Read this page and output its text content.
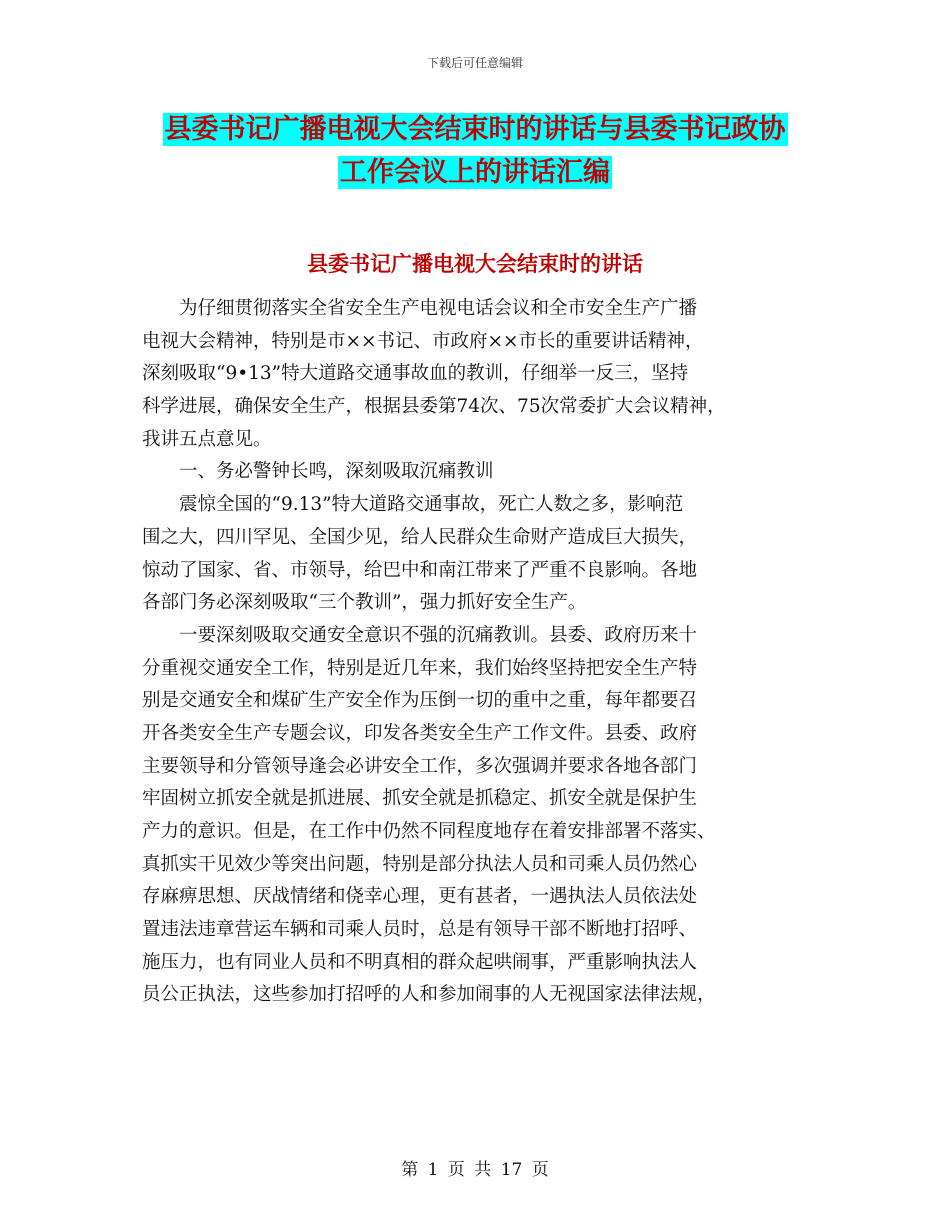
下载后可任意编辑
县委书记广播电视大会结束时的讲话与县委书记政协
工作会议上的讲话汇编
县委书记广播电视大会结束时的讲话
　　为仔细贯彻落实全省安全生产电视电话会议和全市安全生产广播
电视大会精神，特别是市××书记、市政府××市长的重要讲话精神，
深刻吸取“9•13”特大道路交通事故血的教训，仔细举一反三，坚持
科学进展，确保安全生产，根据县委第74次、75次常委扩大会议精神，
我讲五点意见。
　　一、务必警钟长鸣，深刻吸取沉痛教训
　　震惊全国的“9.13”特大道路交通事故，死亡人数之多，影响范
围之大，四川罕见、全国少见，给人民群众生命财产造成巨大损失，
惊动了国家、省、市领导，给巴中和南江带来了严重不良影响。各地
各部门务必深刻吸取“三个教训”，强力抓好安全生产。
　　一要深刻吸取交通安全意识不强的沉痛教训。县委、政府历来十
分重视交通安全工作，特别是近几年来，我们始终坚持把安全生产特
别是交通安全和煤矿生产安全作为压倒一切的重中之重，每年都要召
开各类安全生产专题会议，印发各类安全生产工作文件。县委、政府
主要领导和分管领导逢会必讲安全工作，多次强调并要求各地各部门
牢固树立抓安全就是抓进展、抓安全就是抓稳定、抓安全就是保护生
产力的意识。但是，在工作中仍然不同程度地存在着安排部署不落实、
真抓实干见效少等突出问题，特别是部分执法人员和司乘人员仍然心
存麻痹思想、厌战情绪和侥幸心理，更有甚者，一遇执法人员依法处
置违法违章营运车辆和司乘人员时，总是有领导干部不断地打招呼、
施压力，也有同业人员和不明真相的群众起哄闹事，严重影响执法人
员公正执法，这些参加打招呼的人和参加闹事的人无视国家法律法规，
第 1 页 共 17 页
